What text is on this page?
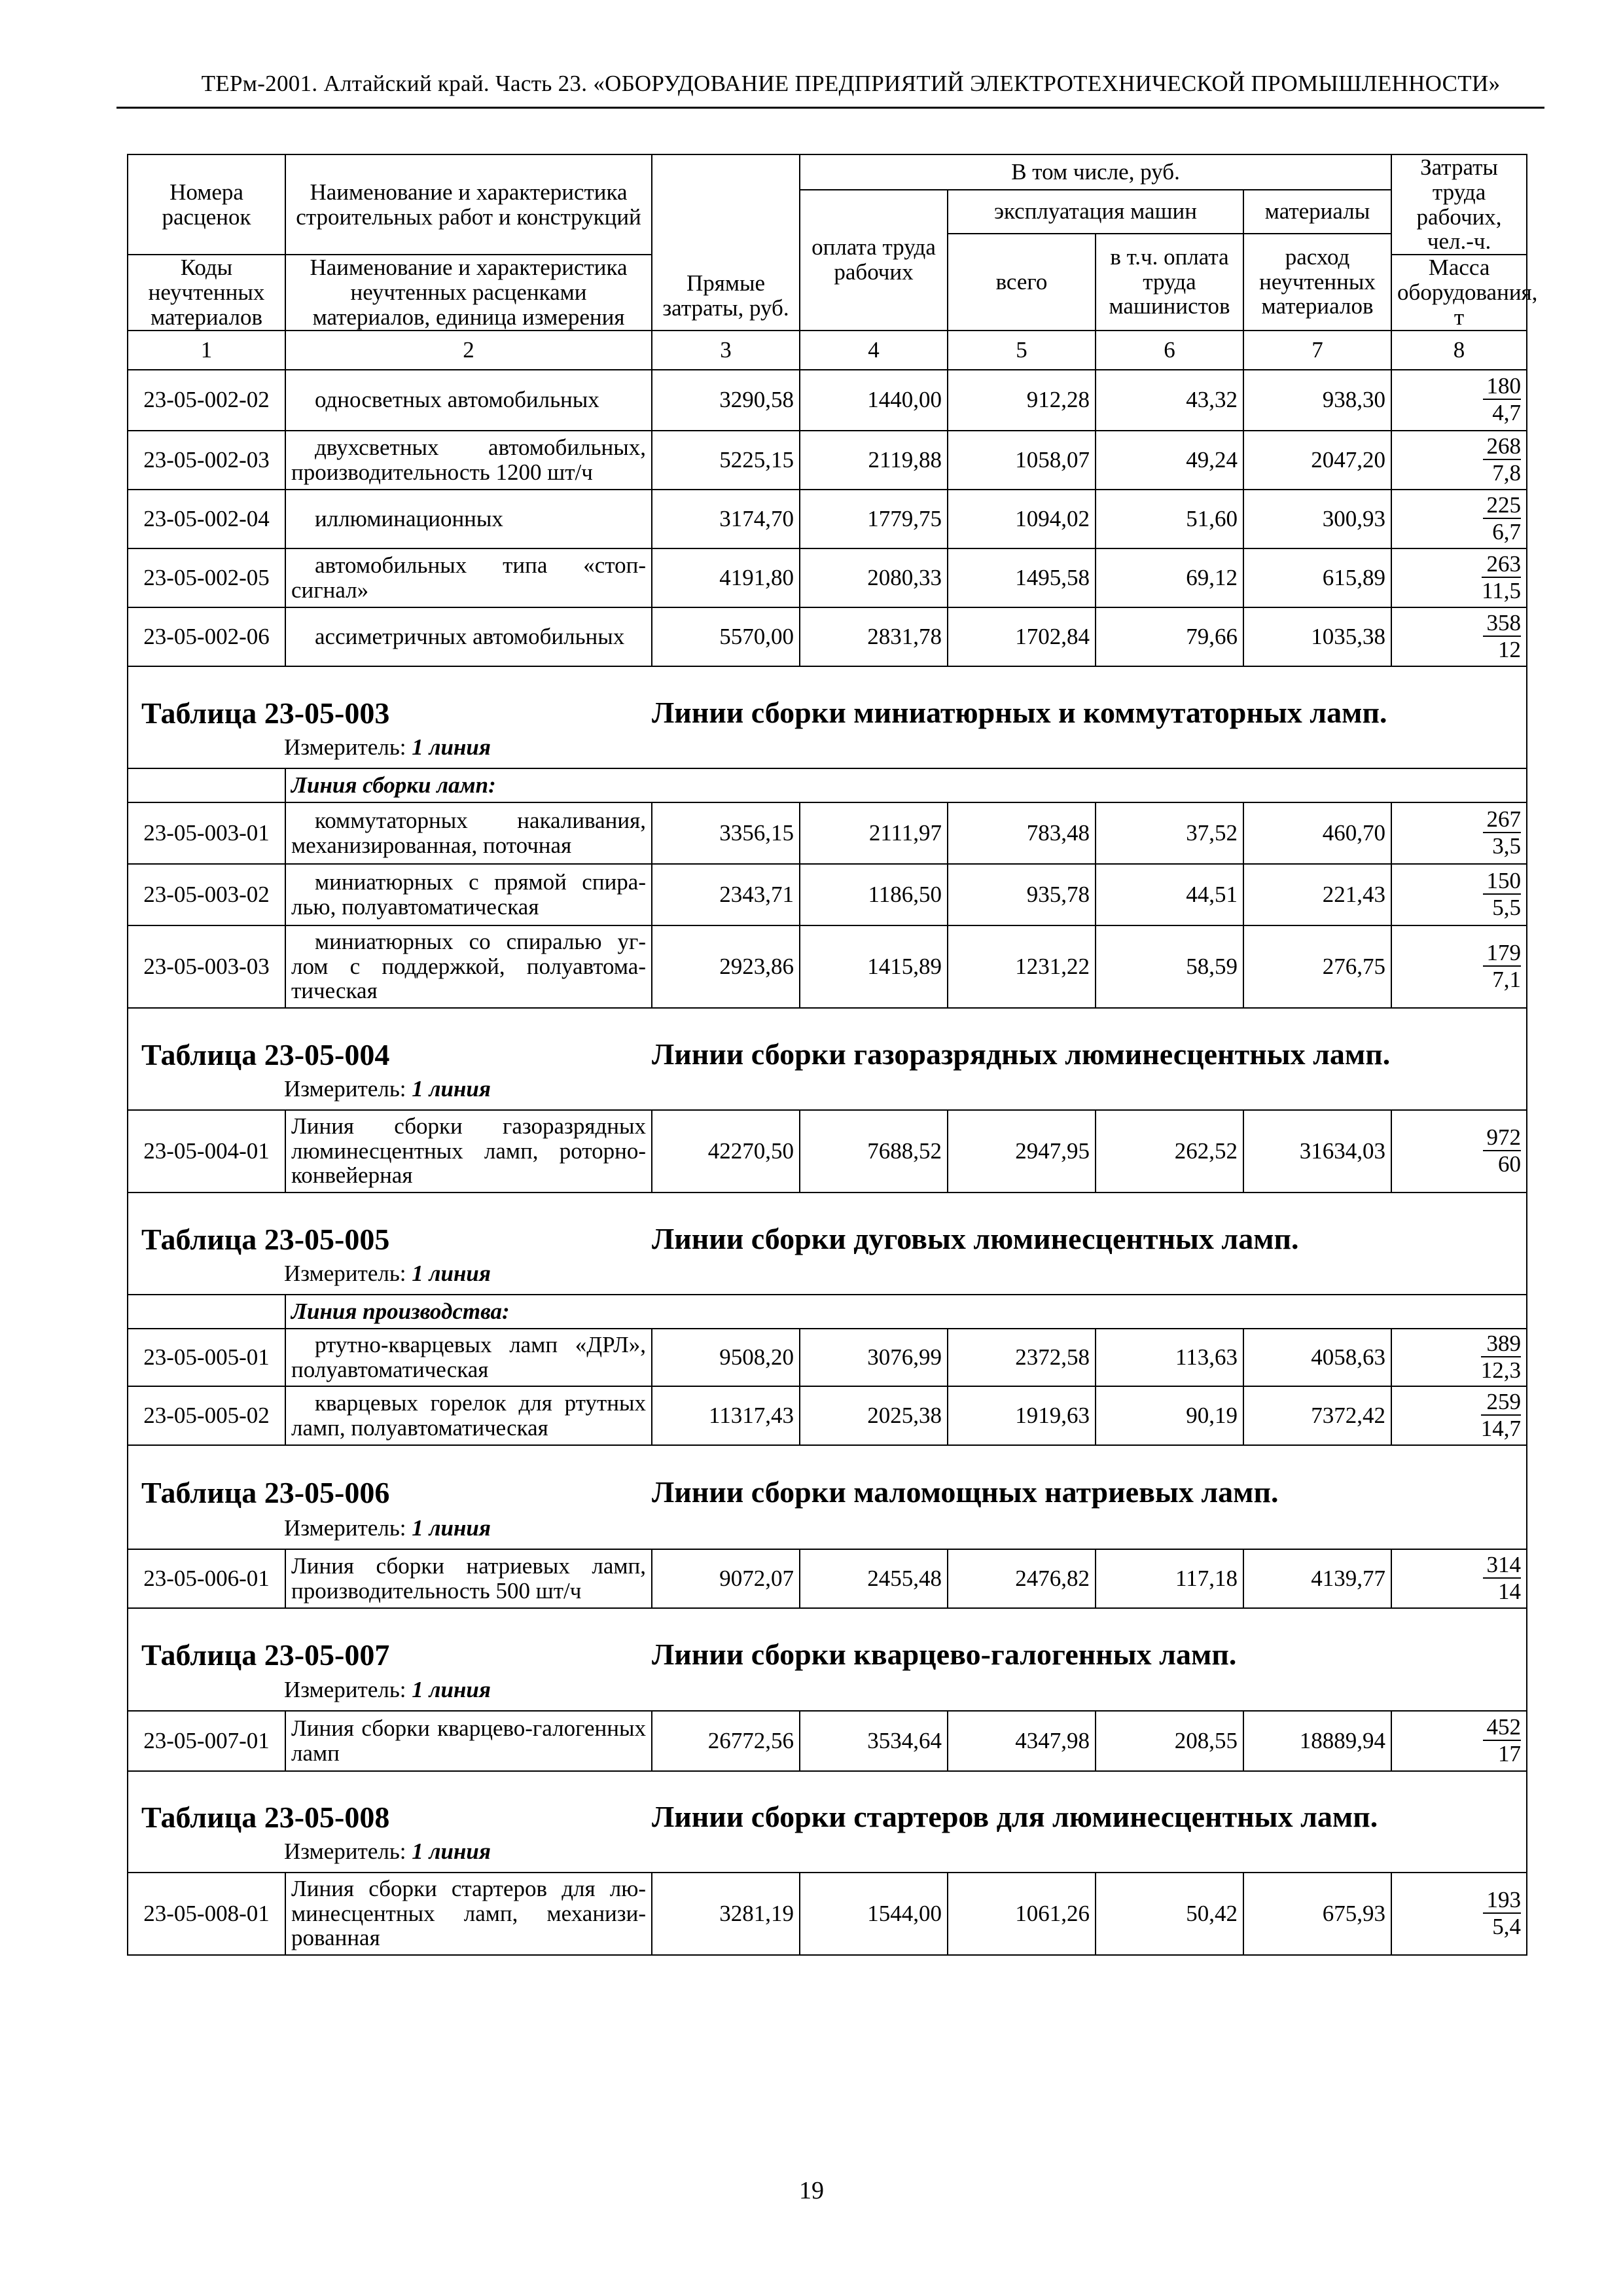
ТЕРм-2001. Алтайский край. Часть 23. «ОБОРУДОВАНИЕ ПРЕДПРИЯТИЙ ЭЛЕКТРОТЕХНИЧЕСКОЙ ПРОМЫШЛЕННОСТИ»
Номера расценок	Наименование и характеристика строительных работ и конструкций	Прямые затраты, руб.	В том числе, руб.				Затраты труда рабочих, чел.-ч.
			оплата труда рабочих	эксплуатация машин		материалы	
				всего	в т.ч. оплата труда машинистов	расход неучтенных материалов	
Коды неучтенных материалов	Наименование и характеристика неучтенных расценками материалов, единица измерения						Масса оборудования, т

1	2	3	4	5	6	7	8
23-05-002-02	односветных автомобильных	3290,58	1440,00	912,28	43,32	938,30	$\frac{180}{4,7}$

23-05-002-03	двухсветных автомобильных, производительность 1200 шт/ч	5225,15	2119,88	1058,07	49,24	2047,20	$\frac{268}{7,8}$

23-05-002-04	иллюминационных	3174,70	1779,75	1094,02	51,60	300,93	$\frac{225}{6,7}$

23-05-002-05	автомобильных типа «стоп-сигнал»	4191,80	2080,33	1495,58	69,12	615,89	$\frac{263}{11,5}$

23-05-002-06	ассиметричных автомобильных	5570,00	2831,78	1702,84	79,66	1035,38	$\frac{358}{12}$

Таблица 23-05-003 Линии сборки миниатюрных и коммутаторных ламп.							

Измеритель: 1 линия							

	Линия сборки ламп:						
23-05-003-01	коммутаторных накаливания, механизированная, поточная	3356,15	2111,97	783,48	37,52	460,70	$\frac{267}{3,5}$

23-05-003-02	миниатюрных с прямой спира-лью, полуавтоматическая	2343,71	1186,50	935,78	44,51	221,43	$\frac{150}{5,5}$

23-05-003-03	миниатюрных со спиралью уг-лом с поддержкой, полуавтома-тическая	2923,86	1415,89	1231,22	58,59	276,75	$\frac{179}{7,1}$

Таблица 23-05-004 Линии сборки газоразрядных люминесцентных ламп.							

Измеритель: 1 линия							

23-05-004-01	Линия сборки газоразрядных люминесцентных ламп, роторно-конвейерная	42270,50	7688,52	2947,95	262,52	31634,03	$\frac{972}{60}$

Таблица 23-05-005 Линии сборки дуговых люминесцентных ламп.							

Измеритель: 1 линия							

	Линия производства:						
23-05-005-01	ртутно-кварцевых ламп «ДРЛ», полуавтоматическая	9508,20	3076,99	2372,58	113,63	4058,63	$\frac{389}{12,3}$

23-05-005-02	кварцевых горелок для ртутных ламп, полуавтоматическая	11317,43	2025,38	1919,63	90,19	7372,42	$\frac{259}{14,7}$

Таблица 23-05-006 Линии сборки маломощных натриевых ламп.							

Измеритель: 1 линия							

23-05-006-01	Линия сборки натриевых ламп, производительность 500 шт/ч	9072,07	2455,48	2476,82	117,18	4139,77	$\frac{314}{14}$

Таблица 23-05-007 Линии сборки кварцево-галогенных ламп.							

Измеритель: 1 линия							

23-05-007-01	Линия сборки кварцево-галогенных ламп	26772,56	3534,64	4347,98	208,55	18889,94	$\frac{452}{17}$

Таблица 23-05-008 Линии сборки стартеров для люминесцентных ламп.							

Измеритель: 1 линия							

23-05-008-01	Линия сборки стартеров для лю-минесцентных ламп, механизи-рованная	3281,19	1544,00	1061,26	50,42	675,93	$\frac{193}{5,4}$
19
